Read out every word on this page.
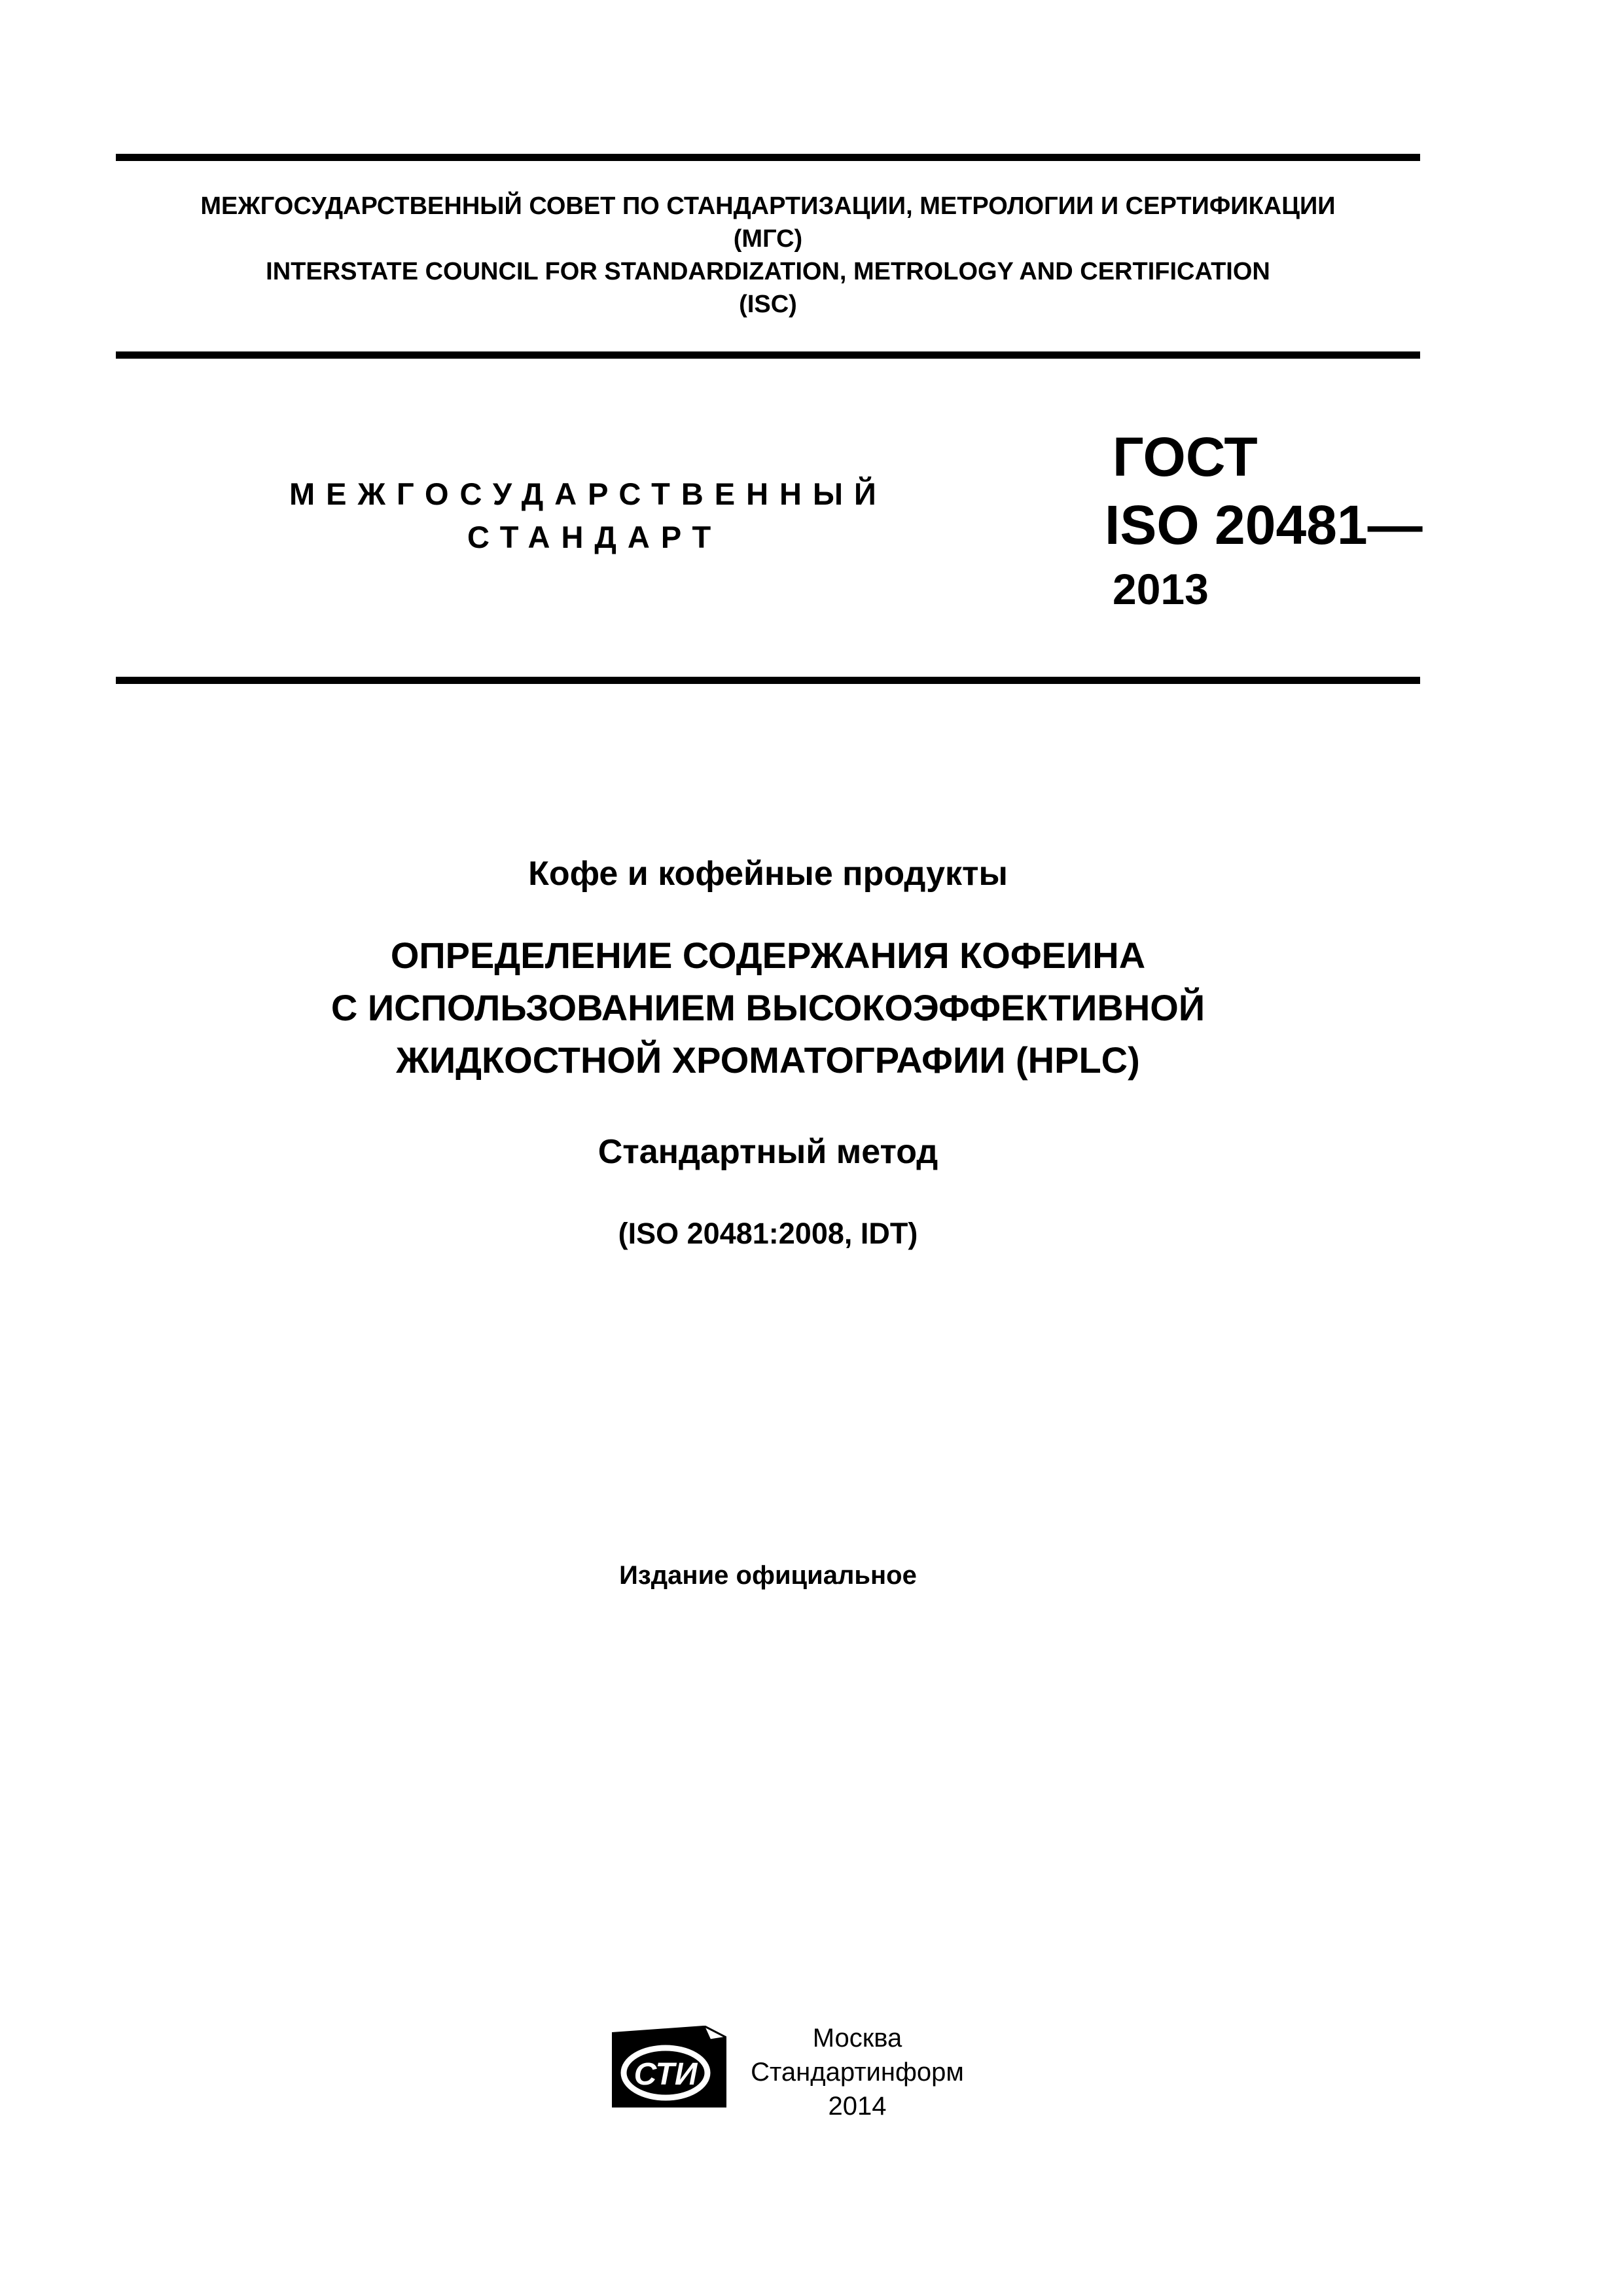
МЕЖГОСУДАРСТВЕННЫЙ СОВЕТ ПО СТАНДАРТИЗАЦИИ, МЕТРОЛОГИИ И СЕРТИФИКАЦИИ
(МГС)
INTERSTATE COUNCIL FOR STANDARDIZATION, METROLOGY AND CERTIFICATION
(ISC)
МЕЖГОСУДАРСТВЕННЫЙ
СТАНДАРТ
ГОСТ
ISO 20481—
2013
Кофе и кофейные продукты
ОПРЕДЕЛЕНИЕ СОДЕРЖАНИЯ КОФЕИНА
С ИСПОЛЬЗОВАНИЕМ ВЫСОКОЭФФЕКТИВНОЙ
ЖИДКОСТНОЙ ХРОМАТОГРАФИИ (HPLC)
Стандартный метод
(ISO 20481:2008, IDT)
Издание официальное
СТИ
Москва
Стандартинформ
2014
